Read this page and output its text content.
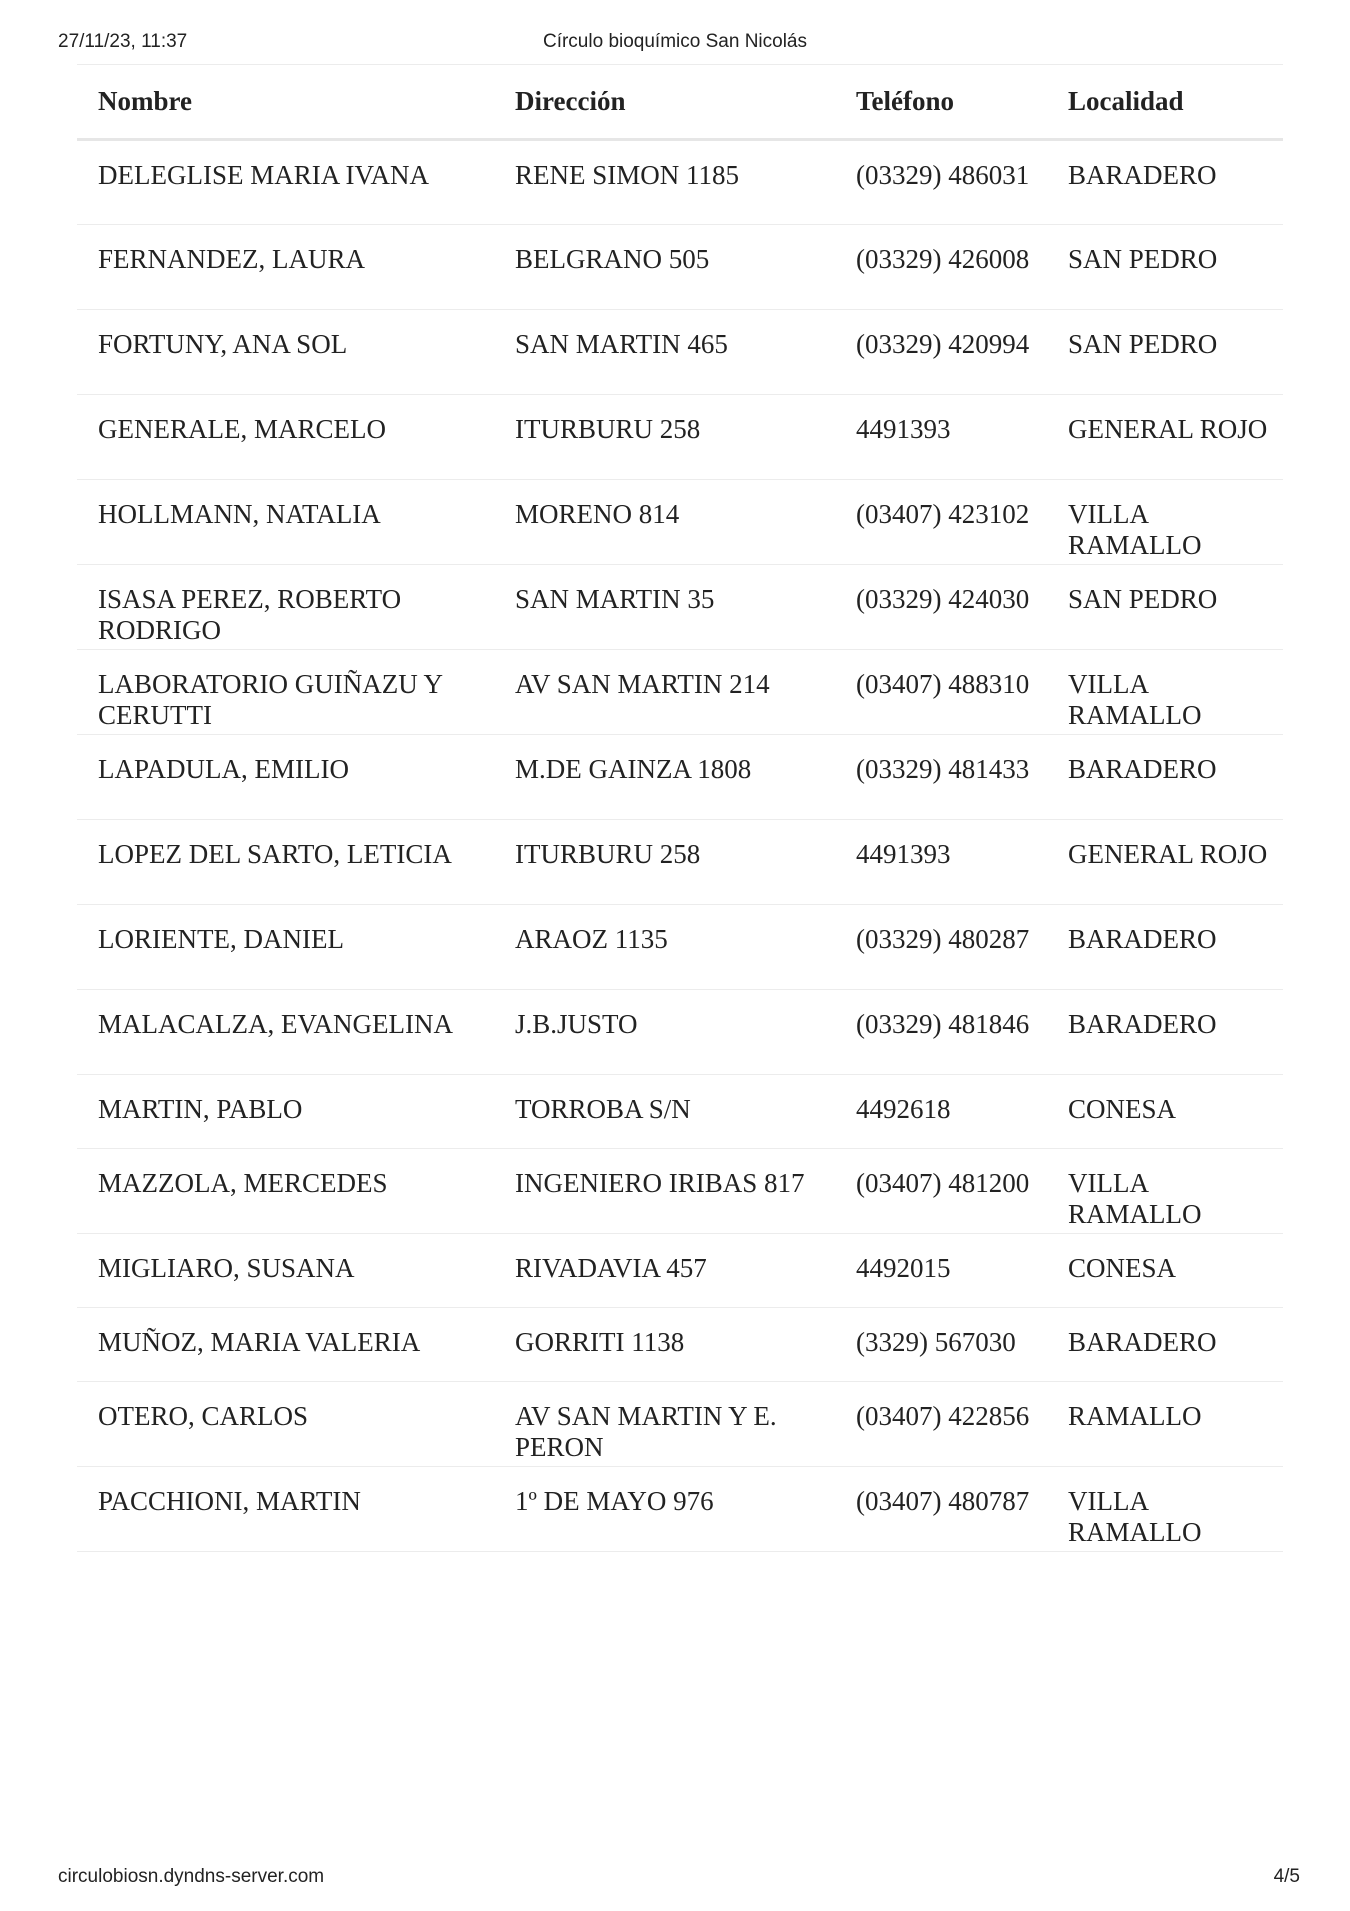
27/11/23, 11:37	Círculo bioquímico San Nicolás
Nombre	Dirección	Teléfono	Localidad
DELEGLISE MARIA IVANA	RENE SIMON 1185	(03329) 486031	BARADERO
FERNANDEZ, LAURA	BELGRANO 505	(03329) 426008	SAN PEDRO
FORTUNY, ANA SOL	SAN MARTIN 465	(03329) 420994	SAN PEDRO
GENERALE, MARCELO	ITURBURU 258	4491393	GENERAL ROJO
HOLLMANN, NATALIA	MORENO 814	(03407) 423102	VILLA RAMALLO
ISASA PEREZ, ROBERTO RODRIGO	SAN MARTIN 35	(03329) 424030	SAN PEDRO
LABORATORIO GUIÑAZU Y CERUTTI	AV SAN MARTIN 214	(03407) 488310	VILLA RAMALLO
LAPADULA, EMILIO	M.DE GAINZA 1808	(03329) 481433	BARADERO
LOPEZ DEL SARTO, LETICIA	ITURBURU 258	4491393	GENERAL ROJO
LORIENTE, DANIEL	ARAOZ 1135	(03329) 480287	BARADERO
MALACALZA, EVANGELINA	J.B.JUSTO	(03329) 481846	BARADERO
MARTIN, PABLO	TORROBA S/N	4492618	CONESA
MAZZOLA, MERCEDES	INGENIERO IRIBAS 817	(03407) 481200	VILLA RAMALLO
MIGLIARO, SUSANA	RIVADAVIA 457	4492015	CONESA
MUÑOZ, MARIA VALERIA	GORRITI 1138	(3329) 567030	BARADERO
OTERO, CARLOS	AV SAN MARTIN Y E. PERON	(03407) 422856	RAMALLO
PACCHIONI, MARTIN	1º DE MAYO 976	(03407) 480787	VILLA RAMALLO
circulobiosn.dyndns-server.com	4/5
